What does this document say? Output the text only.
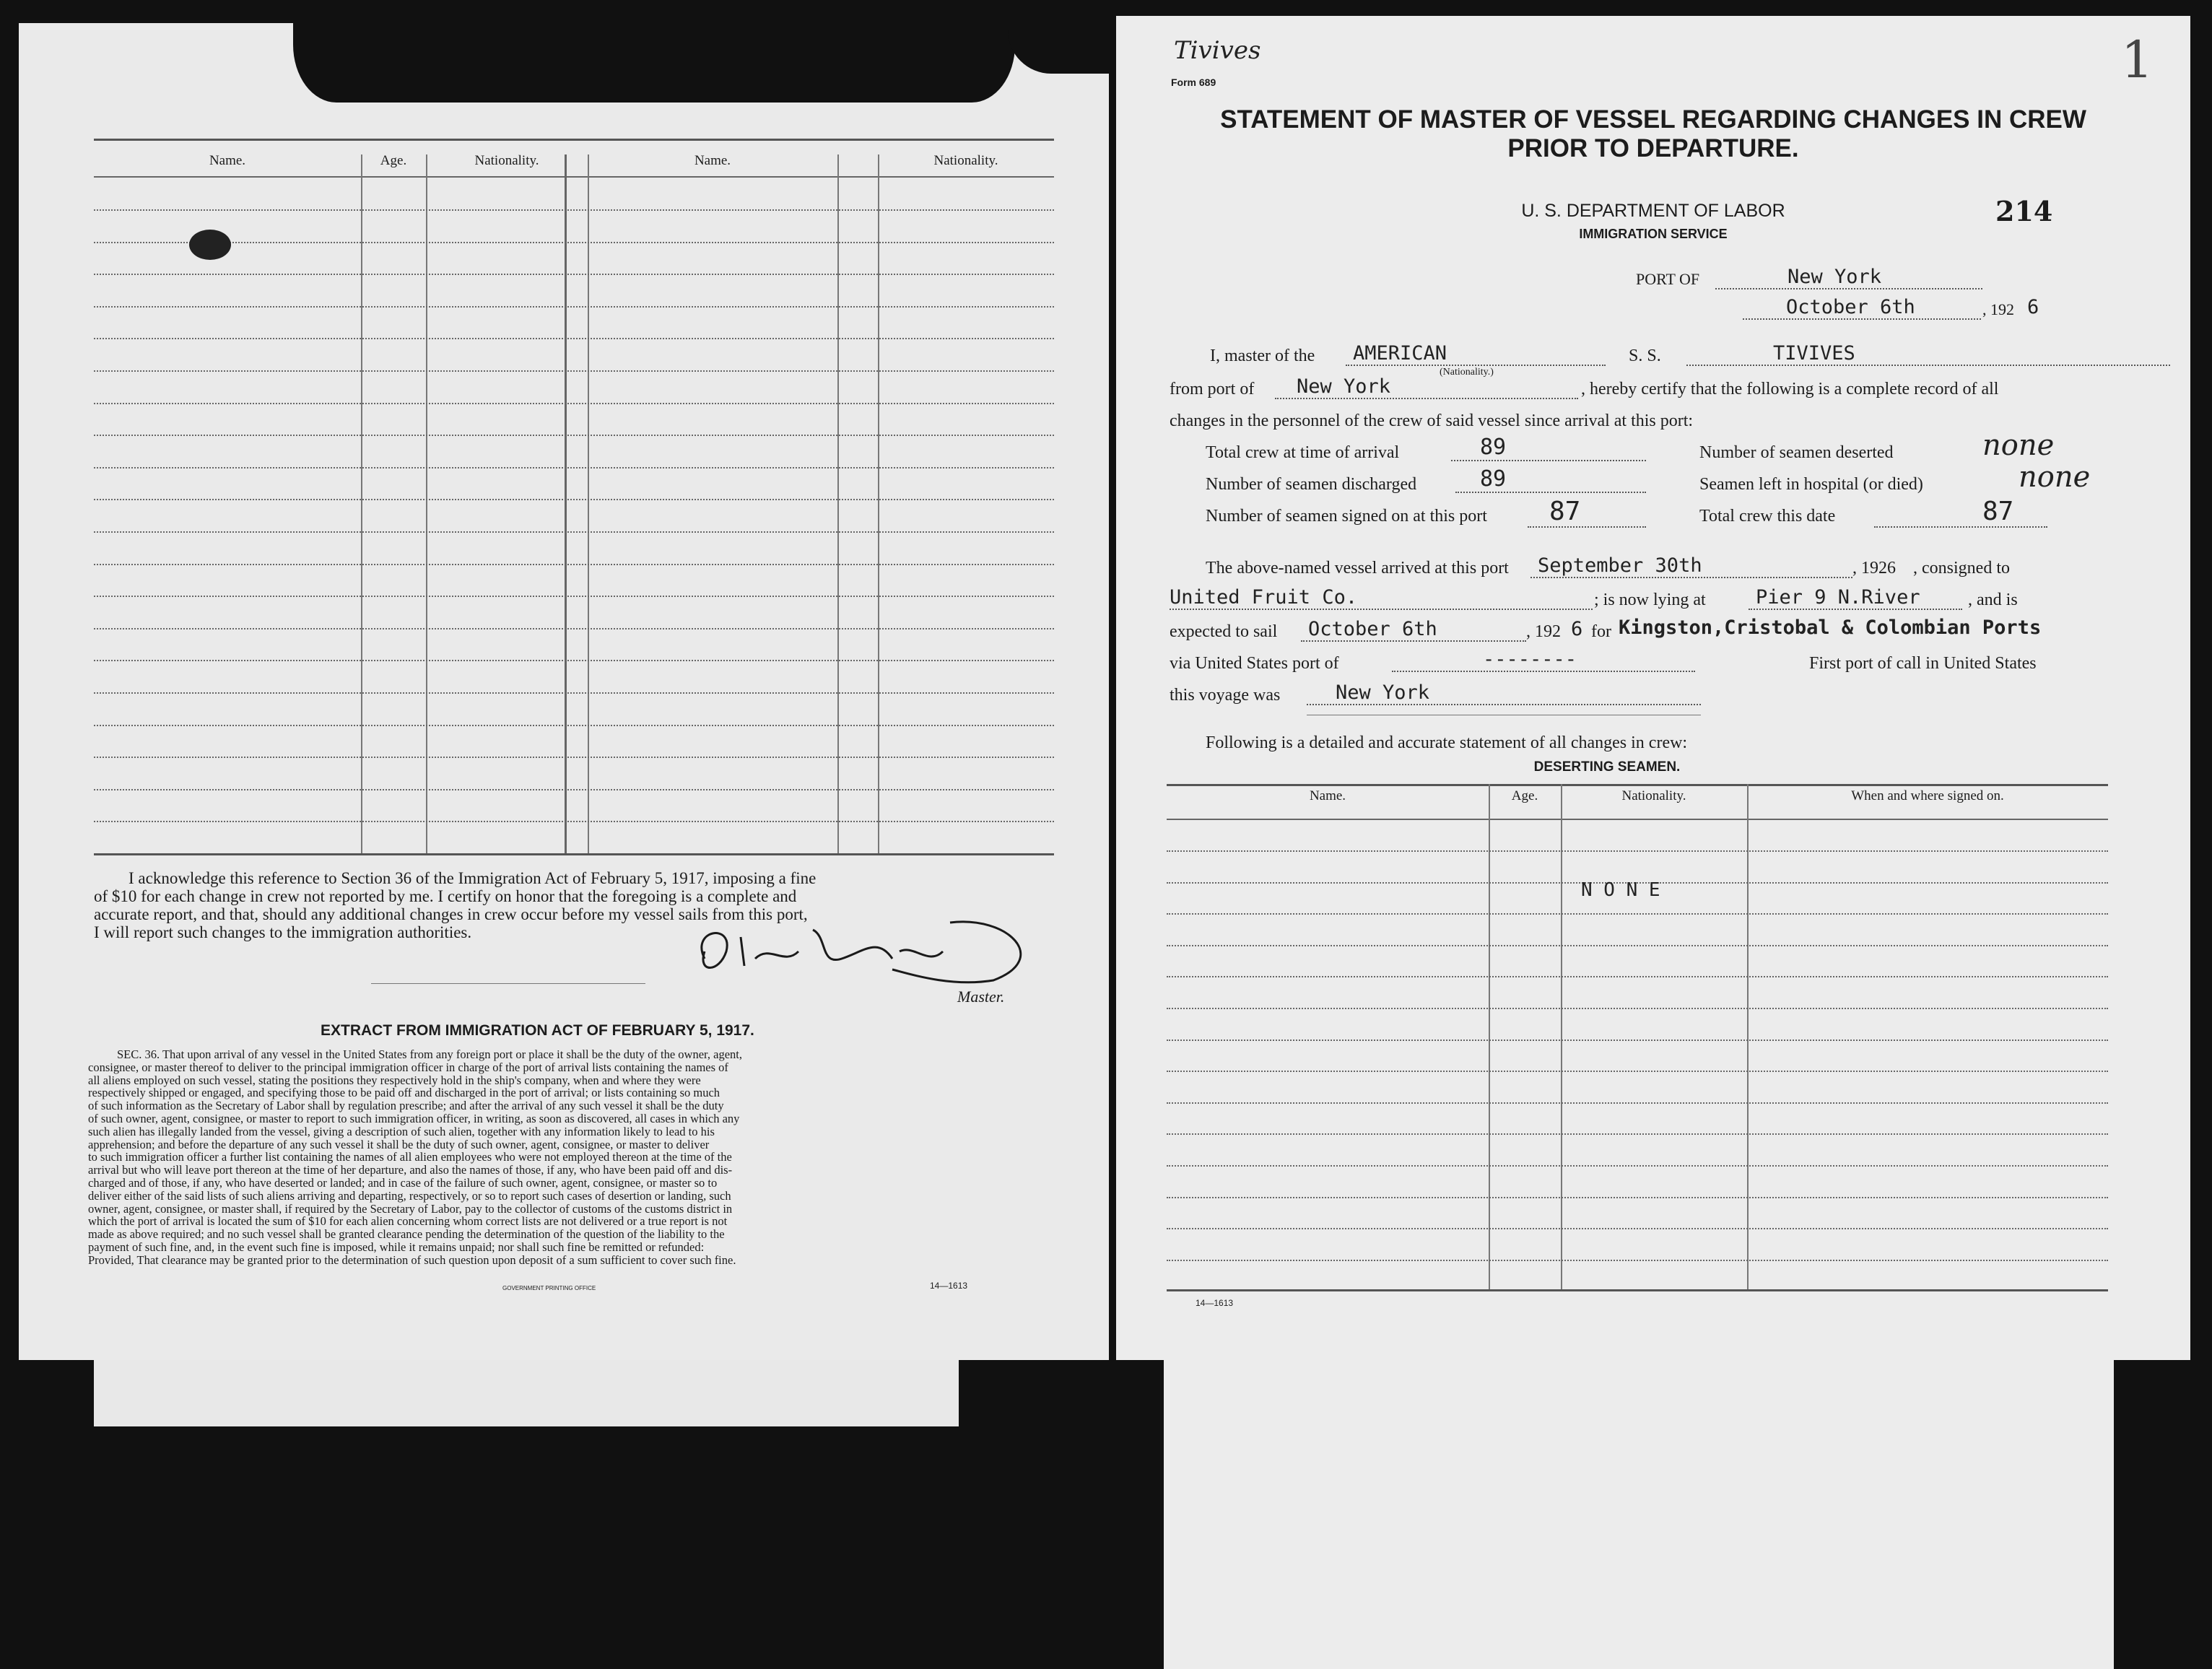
Name.	Age.	Nationality.	Name.	Nationality.
I acknowledge this reference to Section 36 of the Immigration Act of February 5, 1917, imposing a fine
of $10 for each change in crew not reported by me. I certify on honor that the foregoing is a complete and
accurate report, and that, should any additional changes in crew occur before my vessel sails from this port,
I will report such changes to the immigration authorities.
Master.
EXTRACT FROM IMMIGRATION ACT OF FEBRUARY 5, 1917.
SEC. 36. That upon arrival of any vessel in the United States from any foreign port or place it shall be the duty of the owner, agent,
consignee, or master thereof to deliver to the principal immigration officer in charge of the port of arrival lists containing the names of
all aliens employed on such vessel, stating the positions they respectively hold in the ship's company, when and where they were
respectively shipped or engaged, and specifying those to be paid off and discharged in the port of arrival; or lists containing so much
of such information as the Secretary of Labor shall by regulation prescribe; and after the arrival of any such vessel it shall be the duty
of such owner, agent, consignee, or master to report to such immigration officer, in writing, as soon as discovered, all cases in which any
such alien has illegally landed from the vessel, giving a description of such alien, together with any information likely to lead to his
apprehension; and before the departure of any such vessel it shall be the duty of such owner, agent, consignee, or master to deliver
to such immigration officer a further list containing the names of all alien employees who were not employed thereon at the time of the
arrival but who will leave port thereon at the time of her departure, and also the names of those, if any, who have been paid off and dis-
charged and of those, if any, who have deserted or landed; and in case of the failure of such owner, agent, consignee, or master so to
deliver either of the said lists of such aliens arriving and departing, respectively, or so to report such cases of desertion or landing, such
owner, agent, consignee, or master shall, if required by the Secretary of Labor, pay to the collector of customs of the customs district in
which the port of arrival is located the sum of $10 for each alien concerning whom correct lists are not delivered or a true report is not
made as above required; and no such vessel shall be granted clearance pending the determination of the question of the liability to the
payment of such fine, and, in the event such fine is imposed, while it remains unpaid; nor shall such fine be remitted or refunded:
Provided, That clearance may be granted prior to the determination of such question upon deposit of a sum sufficient to cover such fine.
GOVERNMENT PRINTING OFFICE	14—1613
Tivives	1
Form 689
STATEMENT OF MASTER OF VESSEL REGARDING CHANGES IN CREW
PRIOR TO DEPARTURE.
U. S. DEPARTMENT OF LABOR
IMMIGRATION SERVICE
214
PORT OF	New York
October 6th	, 192 6
I, master of the	AMERICAN
(Nationality.)
S. S.	TIVIVES
from port of	New York	, hereby certify that the following is a complete record of all
changes in the personnel of the crew of said vessel since arrival at this port:
Total crew at time of arrival	89	Number of seamen deserted	none
Number of seamen discharged	89	Seamen left in hospital (or died)	none
Number of seamen signed on at this port	87	Total crew this date	87
The above-named vessel arrived at this port	September 30th	, 1926 , consigned to
United Fruit Co.	; is now lying at	Pier 9 N.River	, and is
expected to sail	October 6th	, 192 6 for Kingston,Cristobal & Colombian Ports
via United States port of	--------	First port of call in United States
this voyage was	New York
Following is a detailed and accurate statement of all changes in crew:
DESERTING SEAMEN.
Name.	Age.	Nationality.	When and where signed on.
N O N E
14—1613
